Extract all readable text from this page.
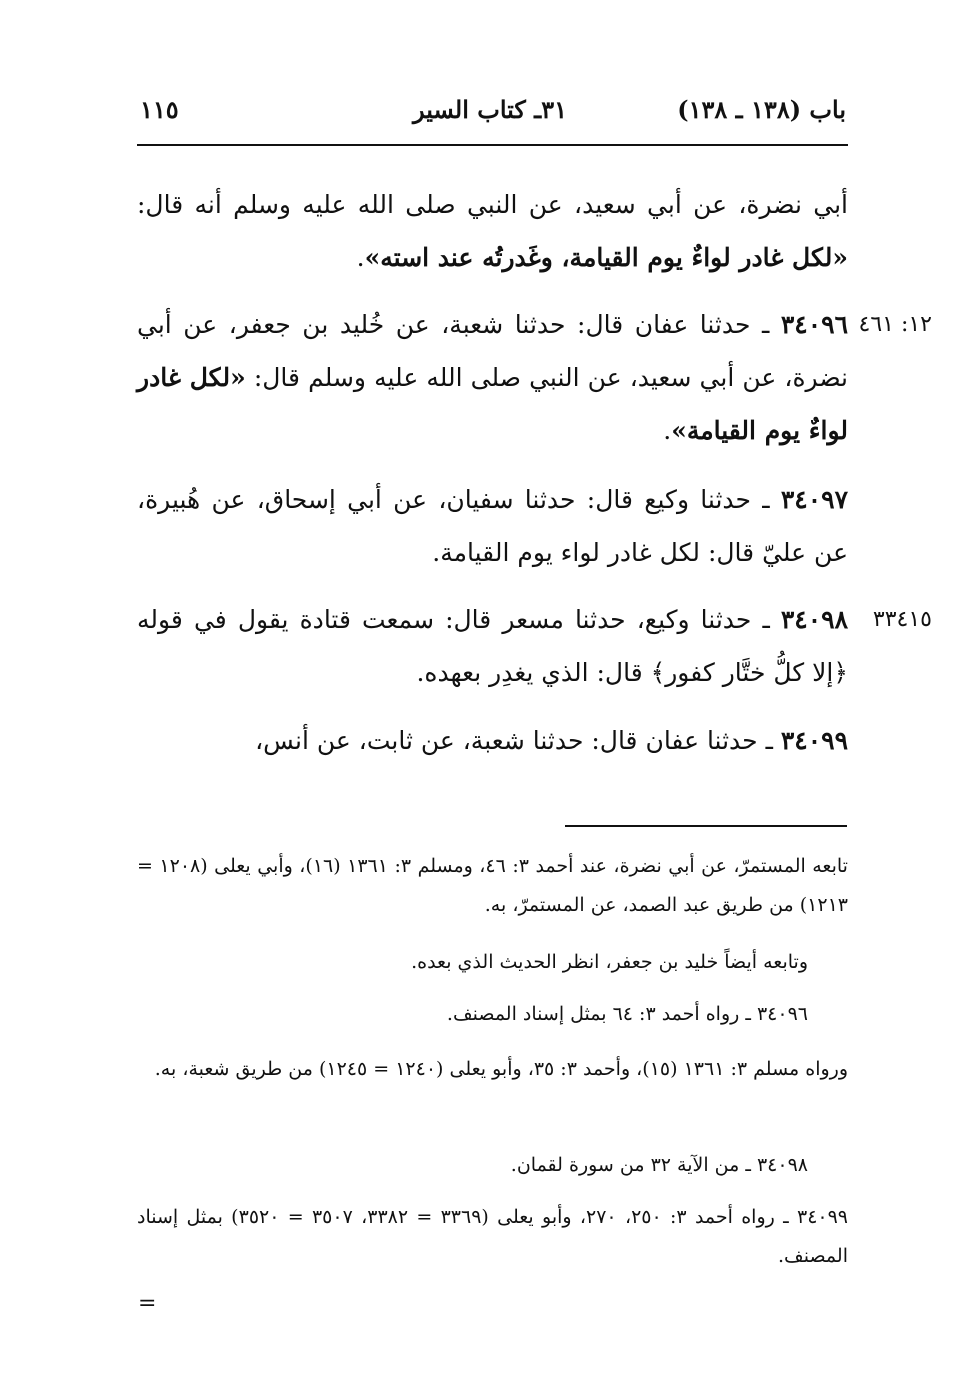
باب (١٣٨ ـ ١٣٨)
٣١ـ كتاب السير
١١٥
أبي نضرة، عن أبي سعيد، عن النبي صلى الله عليه وسلم أنه قال: «لكل غادر لواءٌ يوم القيامة، وغَدرتُه عند استه».
١٢: ٤٦١
٣٤٠٩٦ ـ حدثنا عفان قال: حدثنا شعبة، عن خُليد بن جعفر، عن أبي نضرة، عن أبي سعيد، عن النبي صلى الله عليه وسلم قال: «لكل غادر لواءٌ يوم القيامة».
٣٤٠٩٧ ـ حدثنا وكيع قال: حدثنا سفيان، عن أبي إسحاق، عن هُبيرة، عن عليّ قال: لكل غادر لواء يوم القيامة.
٣٣٤١٥
٣٤٠٩٨ ـ حدثنا وكيع، حدثنا مسعر قال: سمعت قتادة يقول في قوله ﴿إلا كلُّ ختَّار كفور﴾ قال: الذي يغدِر بعهده.
٣٤٠٩٩ ـ حدثنا عفان قال: حدثنا شعبة، عن ثابت، عن أنس،
تابعه المستمرّ، عن أبي نضرة، عند أحمد ٣: ٤٦، ومسلم ٣: ١٣٦١ (١٦)، وأبي يعلى (١٢٠٨ = ١٢١٣) من طريق عبد الصمد، عن المستمرّ، به.
وتابعه أيضاً خليد بن جعفر، انظر الحديث الذي بعده.
٣٤٠٩٦ ـ رواه أحمد ٣: ٦٤ بمثل إسناد المصنف.
ورواه مسلم ٣: ١٣٦١ (١٥)، وأحمد ٣: ٣٥، وأبو يعلى (١٢٤٠ = ١٢٤٥) من طريق شعبة، به.
٣٤٠٩٨ ـ من الآية ٣٢ من سورة لقمان.
٣٤٠٩٩ ـ رواه أحمد ٣: ٢٥٠، ٢٧٠، وأبو يعلى (٣٣٦٩ = ٣٣٨٢، ٣٥٠٧ = ٣٥٢٠) بمثل إسناد المصنف.
=
